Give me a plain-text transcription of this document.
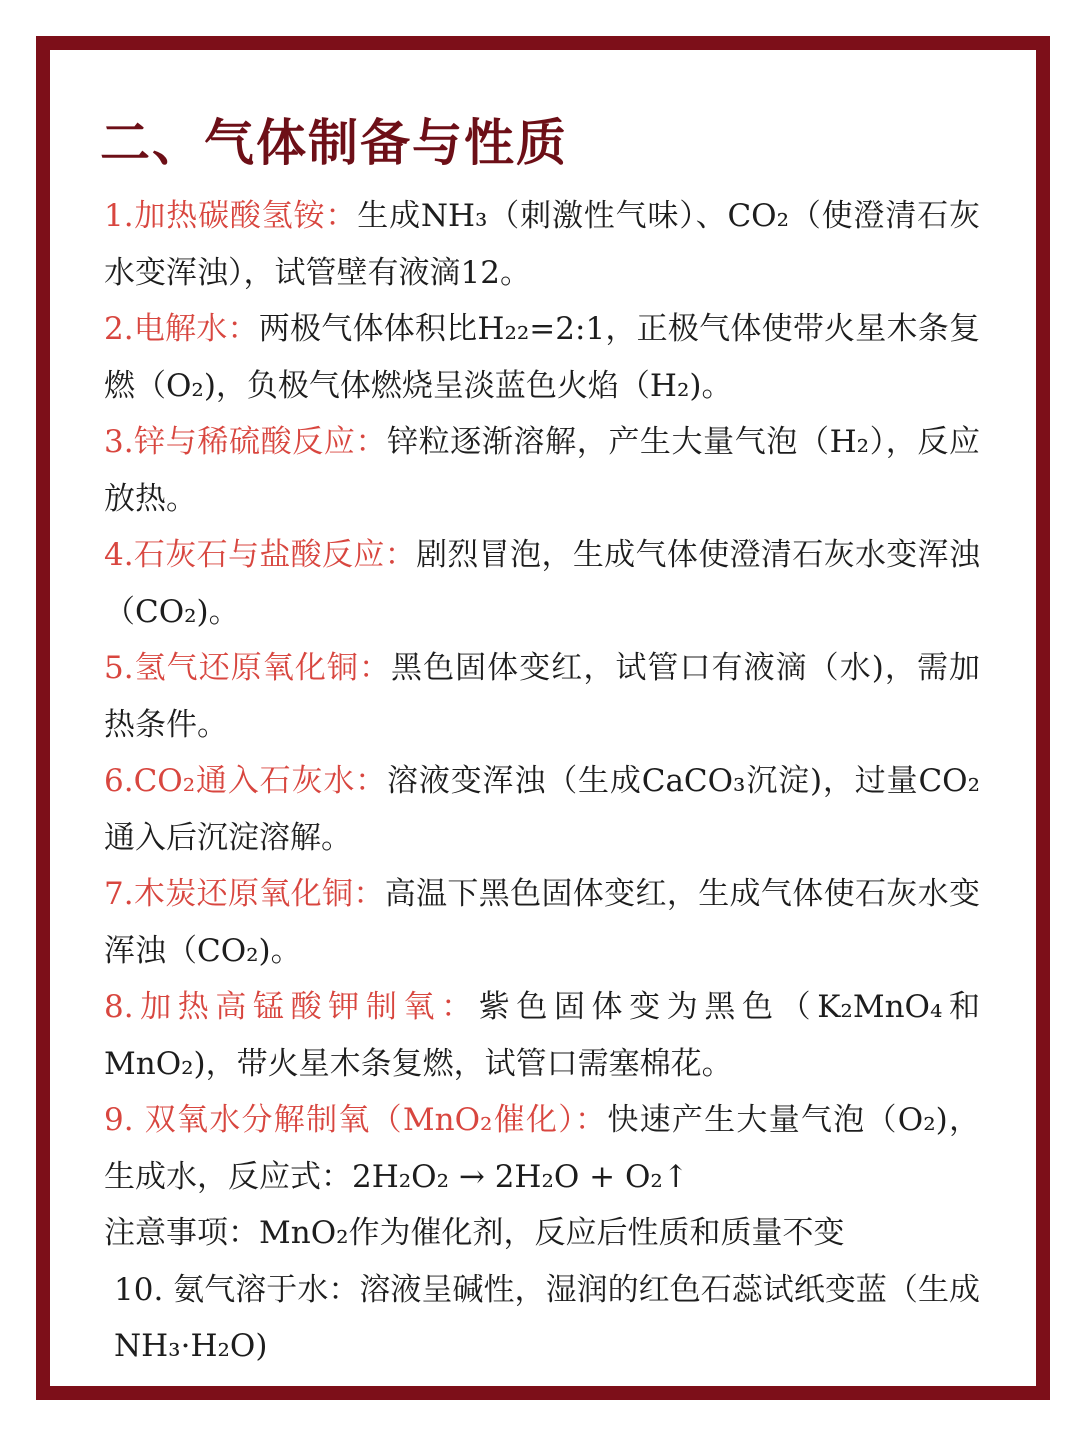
二、气体制备与性质

1.加热碳酸氢铵：生成NH₃（刺激性气味）、CO₂（使澄清石灰水变浑浊），试管壁有液滴12。

2.电解水：两极气体体积比H₂₂=2:1，正极气体使带火星木条复燃（O₂)，负极气体燃烧呈淡蓝色火焰（H₂)。

3.锌与稀硫酸反应：锌粒逐渐溶解，产生大量气泡（H₂），反应放热。

4.石灰石与盐酸反应：剧烈冒泡，生成气体使澄清石灰水变浑浊（CO₂)。

5.氢气还原氧化铜：黑色固体变红，试管口有液滴（水)，需加热条件。

6.CO₂通入石灰水：溶液变浑浊（生成CaCO₃沉淀)，过量CO₂通入后沉淀溶解。

7.木炭还原氧化铜：高温下黑色固体变红，生成气体使石灰水变浑浊（CO₂)。

8.加热高锰酸钾制氧：紫色固体变为黑色（K₂MnO₄和MnO₂)，带火星木条复燃，试管口需塞棉花。

9. 双氧水分解制氧（MnO₂催化）：快速产生大量气泡（O₂)，生成水，反应式：2H₂O₂ → 2H₂O + O₂↑

注意事项：MnO₂作为催化剂，反应后性质和质量不变

10. 氨气溶于水：溶液呈碱性，湿润的红色石蕊试纸变蓝（生成NH₃·H₂O)
